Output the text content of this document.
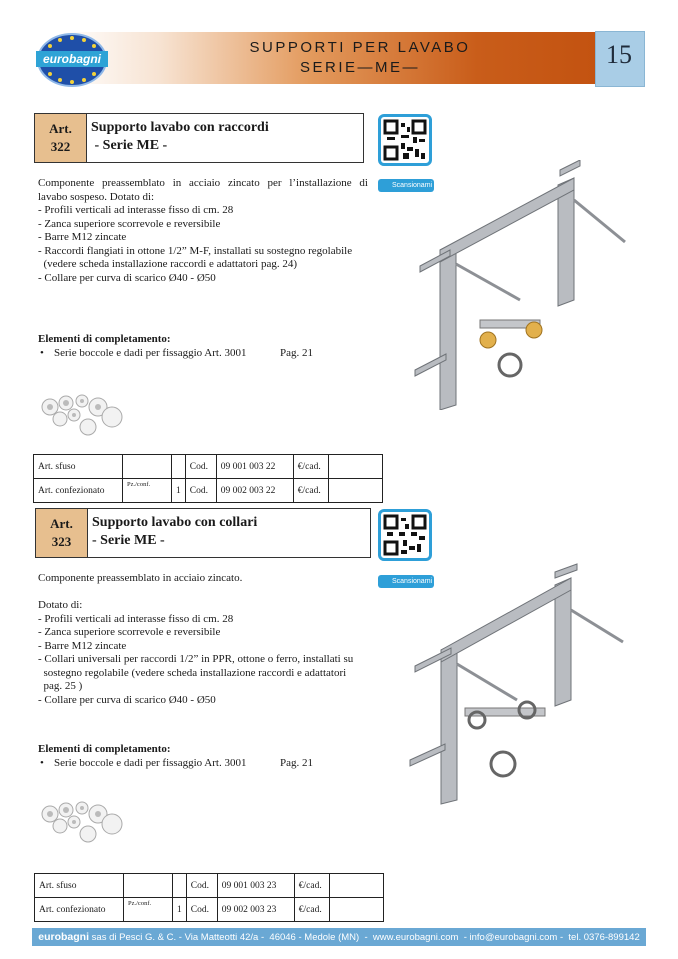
eurobagni
SUPPORTI PER LAVABO
SERIE—ME—	15
Art.
322
Supporto lavabo con raccordi
- Serie ME -
Scansionami
Componente preassemblato in acciaio zincato per l’installazione di
lavabo sospeso. Dotato di:
- Profili verticali ad interasse fisso di cm. 28
- Zanca superiore scorrevole e reversibile
- Barre M12 zincate
- Raccordi flangiati in ottone 1/2” M-F, installati su sostegno regolabile
(vedere scheda installazione raccordi e adattatori pag. 24)
- Collare per curva di scarico Ø40 - Ø50
Elementi di completamento:
• Serie boccole e dadi per fissaggio Art. 3001	Pag. 21
Art. sfuso			Cod.	09 001 003 22	€/cad.	
Art. confezionato	Pz./conf.	1	Cod.	09 002 003 22	€/cad.	
Art.
323
Supporto lavabo con collari
- Serie ME -
Scansionami
Componente preassemblato in acciaio zincato.
Dotato di:
- Profili verticali ad interasse fisso di cm. 28
- Zanca superiore scorrevole e reversibile
- Barre M12 zincate
- Collari universali per raccordi 1/2” in PPR, ottone o ferro, installati su
sostegno regolabile (vedere scheda installazione raccordi e adattatori
pag. 25 )
- Collare per curva di scarico Ø40 - Ø50
Elementi di completamento:
• Serie boccole e dadi per fissaggio Art. 3001	Pag. 21
Art. sfuso			Cod.	09 001 003 23	€/cad.	
Art. confezionato	Pz./conf.	1	Cod.	09 002 003 23	€/cad.	
eurobagni sas di Pesci G. & C. - Via Matteotti 42/a -  46046 - Medole (MN)  -  www.eurobagni.com  - info@eurobagni.com -  tel. 0376-899142
